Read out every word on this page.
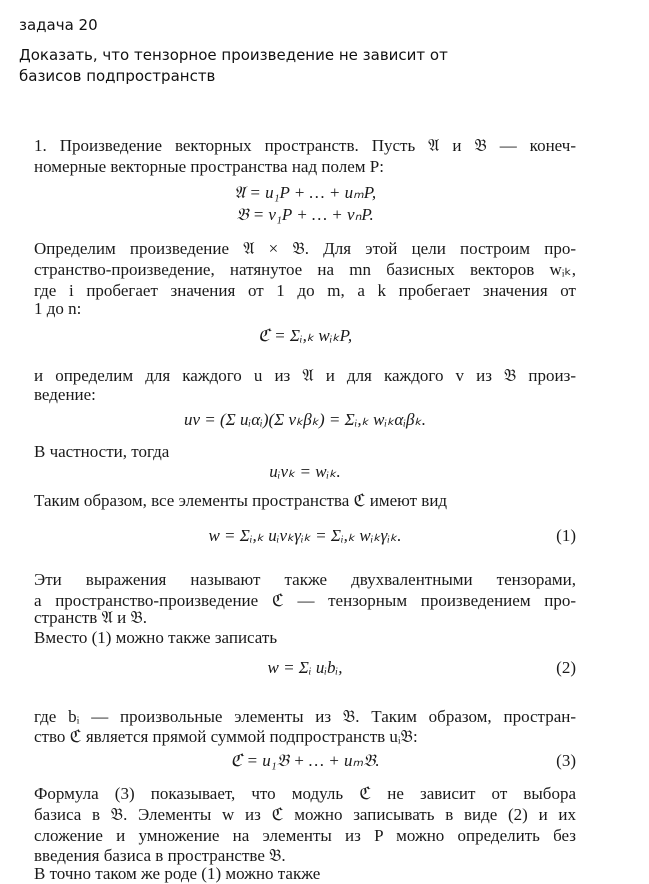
задача 20
Доказать, что тензорное произведение не зависит от
базисов подпространств
1. Произведение векторных пространств. Пусть 𝔄 и 𝔅 — конеч-
номерные векторные пространства над полем P:
𝔄 = u₁P + … + uₘP,
𝔅 = v₁P + … + vₙP.
Определим произведение 𝔄 × 𝔅. Для этой цели построим про-
странство-произведение, натянутое на mn базисных векторов wᵢₖ,
где i пробегает значения от 1 до m, а k пробегает значения от
1 до n:
ℭ = Σᵢ,ₖ wᵢₖP,
и определим для каждого u из 𝔄 и для каждого v из 𝔅 произ-
ведение:
uv = (Σ uᵢαᵢ)(Σ vₖβₖ) = Σᵢ,ₖ wᵢₖαᵢβₖ.
В частности, тогда
uᵢvₖ = wᵢₖ.
Таким образом, все элементы пространства ℭ имеют вид
w = Σᵢ,ₖ uᵢvₖγᵢₖ = Σᵢ,ₖ wᵢₖγᵢₖ.	(1)
Эти выражения называют также двухвалентными тензорами,
а пространство-произведение ℭ — тензорным произведением про-
странств 𝔄 и 𝔅.
Вместо (1) можно также записать
w = Σᵢ uᵢbᵢ,	(2)
где bᵢ — произвольные элементы из 𝔅. Таким образом, простран-
ство ℭ является прямой суммой подпространств uᵢ𝔅:
ℭ = u₁𝔅 + … + uₘ𝔅.	(3)
Формула (3) показывает, что модуль ℭ не зависит от выбора
базиса в 𝔅. Элементы w из ℭ можно записывать в виде (2) и их
сложение и умножение на элементы из P можно определить без
введения базиса в пространстве 𝔅.
В точно таком же роде (1) можно также
